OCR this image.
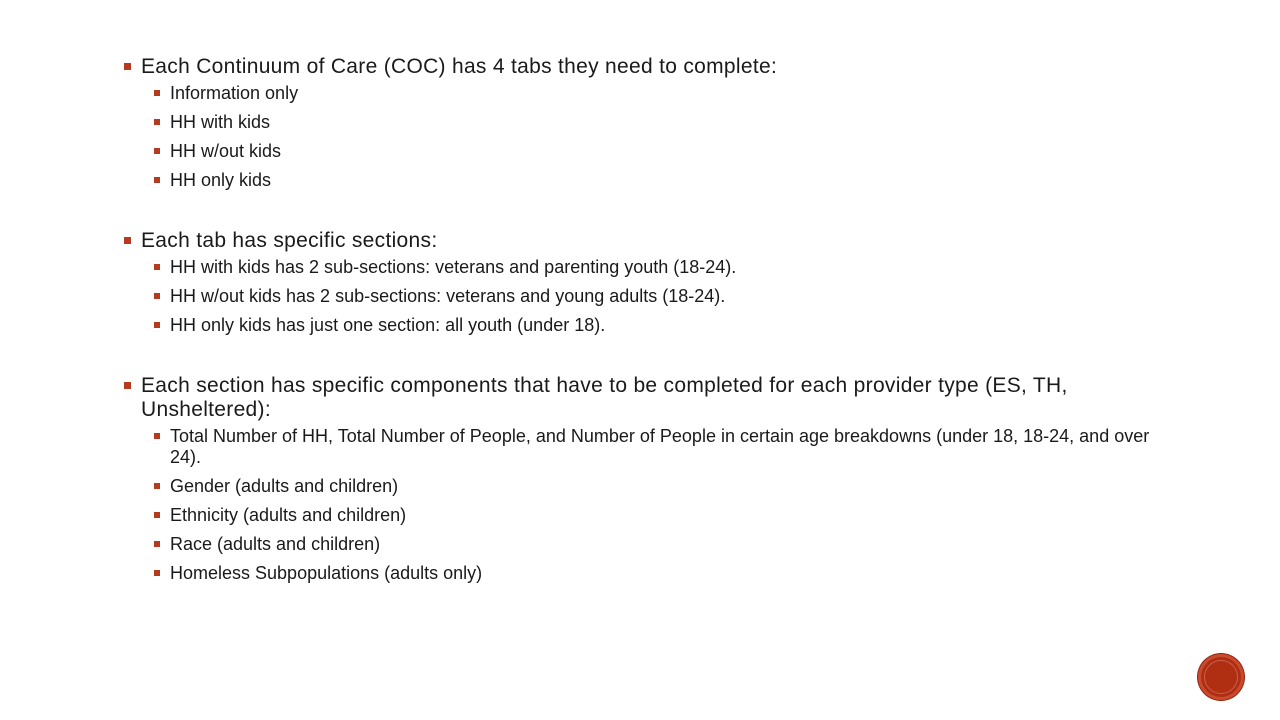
Each Continuum of Care (COC) has 4 tabs they need to complete:
Information only
HH with kids
HH w/out kids
HH only kids
Each tab has specific sections:
HH with kids has 2 sub-sections: veterans and parenting youth (18-24).
HH w/out kids has 2 sub-sections: veterans and young adults (18-24).
HH only kids has just one section: all youth (under 18).
Each section has specific components that have to be completed for each provider type (ES, TH, Unsheltered):
Total Number of HH, Total Number of People, and Number of People in certain age breakdowns (under 18, 18-24, and over 24).
Gender (adults and children)
Ethnicity (adults and children)
Race (adults and children)
Homeless Subpopulations (adults only)
